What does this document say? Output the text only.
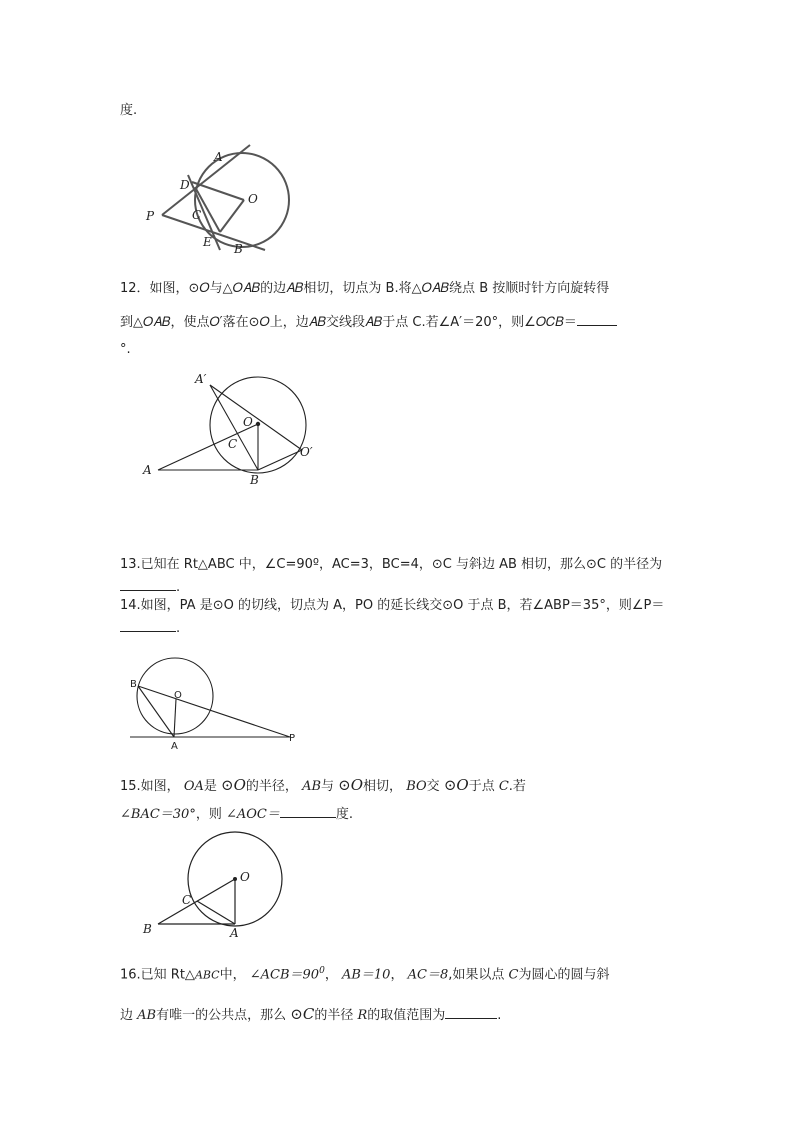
度.
A
D
O
P	C
E B
12．如图，⊙𝑂与△𝑂𝐴𝐵的边𝐴𝐵相切，切点为 B.将△𝑂𝐴𝐵绕点 B 按顺时针方向旋转得
到△𝑂𝐴𝐵，使点𝑂′落在⊙𝑂上，边𝐴𝐵交线段𝐴𝐵于点 C.若∠A′＝20°，则∠𝑂𝐶𝐵＝
°.
A′
O
C
O′
A
B
13.已知在 Rt△ABC 中，∠C=90º，AC=3，BC=4，⊙C 与斜边 AB 相切，那么⊙C 的半径为
.
14.如图，PA 是⊙O 的切线，切点为 A，PO 的延长线交⊙O 于点 B，若∠ABP＝35°，则∠P＝
.
B
O
A
P
15.如图， OA是 ⊙O的半径， AB与 ⊙O相切， BO交 ⊙O于点 C.若
∠BAC＝30°，则 ∠AOC＝	度.
O
C
B	A
16.已知 Rt△ABC中， $\angle ACB=90^0$， AB＝10， AC＝8,如果以点 C为圆心的圆与斜
边 AB有唯一的公共点，那么 ⊙C的半径 R的取值范围为	.
